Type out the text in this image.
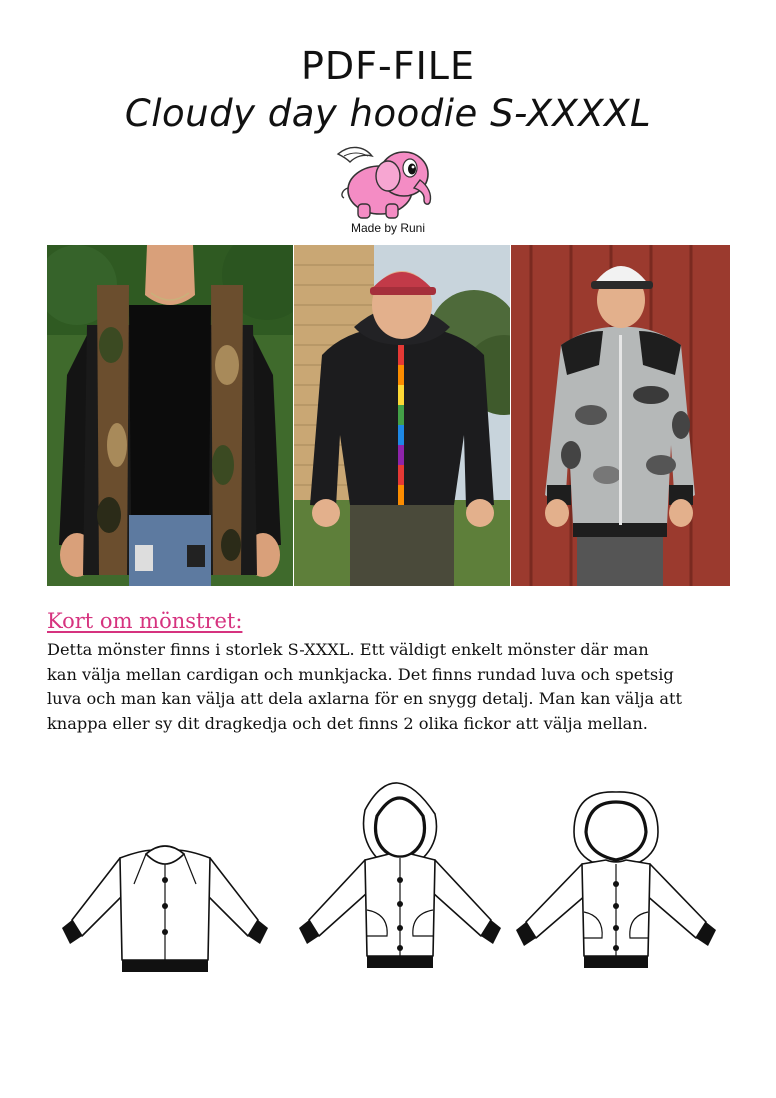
PDF-FILE
Cloudy day hoodie S-XXXXL
Made by Runi
Kort om mönstret:
Detta mönster finns i storlek S-XXXL. Ett väldigt enkelt mönster där man
kan välja mellan cardigan och munkjacka. Det finns rundad luva och spetsig
luva och man kan välja att dela axlarna för en snygg detalj. Man kan välja att
knappa eller sy dit dragkedja och det finns 2 olika fickor att välja mellan.
